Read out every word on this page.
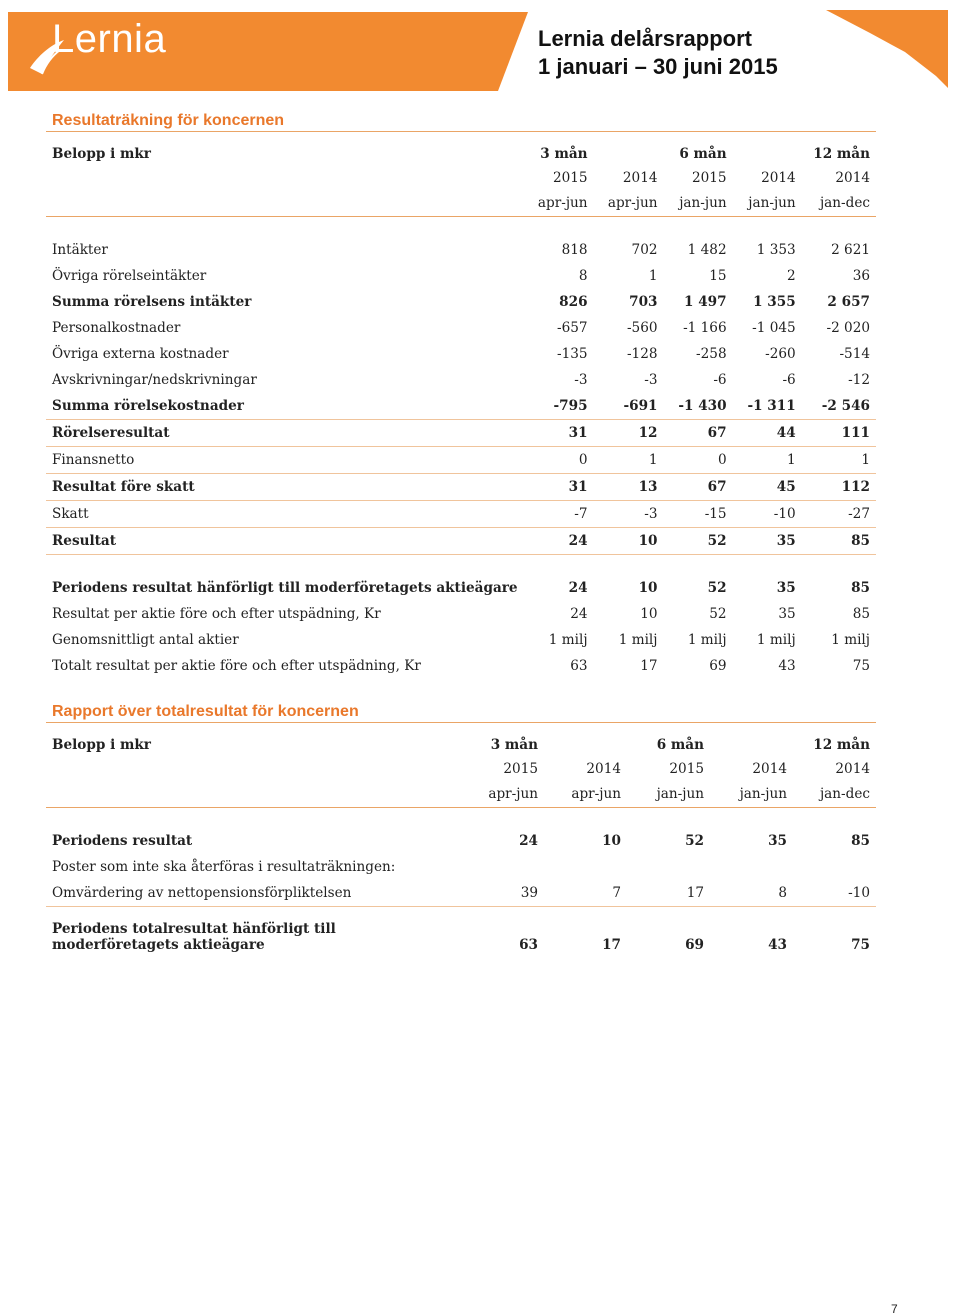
Lernia	Lernia delårsrapport
1 januari – 30 juni 2015
Resultaträkning för koncernen
Belopp i mkr	3 mån		6 mån		12 mån
	2015	2014	2015	2014	2014
	apr-jun	apr-jun	jan-jun	jan-jun	jan-dec

Intäkter	818	702	1 482	1 353	2 621
Övriga rörelseintäkter	8	1	15	2	36
Summa rörelsens intäkter	826	703	1 497	1 355	2 657
Personalkostnader	-657	-560	-1 166	-1 045	-2 020
Övriga externa kostnader	-135	-128	-258	-260	-514
Avskrivningar/nedskrivningar	-3	-3	-6	-6	-12
Summa rörelsekostnader	-795	-691	-1 430	-1 311	-2 546
Rörelseresultat	31	12	67	44	111
Finansnetto	0	1	0	1	1
Resultat före skatt	31	13	67	45	112
Skatt	-7	-3	-15	-10	-27
Resultat	24	10	52	35	85

Periodens resultat hänförligt till moderföretagets aktieägare	24	10	52	35	85
Resultat per aktie före och efter utspädning, Kr	24	10	52	35	85
Genomsnittligt antal aktier	1 milj	1 milj	1 milj	1 milj	1 milj
Totalt resultat per aktie före och efter utspädning, Kr	63	17	69	43	75
Rapport över totalresultat för koncernen
Belopp i mkr	3 mån		6 mån		12 mån
	2015	2014	2015	2014	2014
	apr-jun	apr-jun	jan-jun	jan-jun	jan-dec

Periodens resultat	24	10	52	35	85
Poster som inte ska återföras i resultaträkningen:					
Omvärdering av nettopensionsförpliktelsen	39	7	17	8	-10

Periodens totalresultat hänförligt till
moderföretagets aktieägare	63	17	69	43	75
7
